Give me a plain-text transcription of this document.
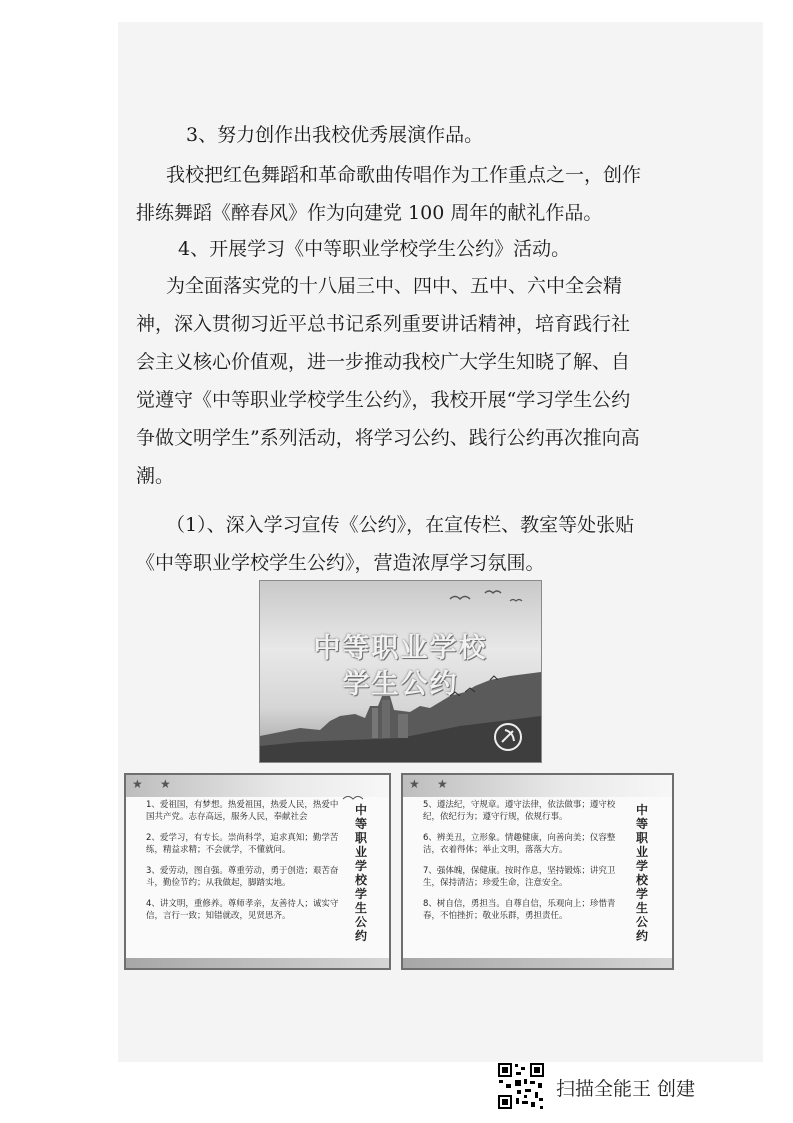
3、努力创作出我校优秀展演作品。

我校把红色舞蹈和革命歌曲传唱作为工作重点之一，创作排练舞蹈《醉春风》作为向建党 100 周年的献礼作品。

4、开展学习《中等职业学校学生公约》活动。

为全面落实党的十八届三中、四中、五中、六中全会精神，深入贯彻习近平总书记系列重要讲话精神，培育践行社会主义核心价值观，进一步推动我校广大学生知晓了解、自觉遵守《中等职业学校学生公约》，我校开展“学习学生公约争做文明学生”系列活动，将学习公约、践行公约再次推向高潮。

（1）、深入学习宣传《公约》，在宣传栏、教室等处张贴《中等职业学校学生公约》，营造浓厚学习氛围。

中等职业学校
学生公约
★ ★
1、爱祖国，有梦想。热爱祖国，热爱人民，热爱中国共产党。志存高远，服务人民，奉献社会
2、爱学习，有专长。崇尚科学，追求真知；勤学苦练，精益求精；不会就学，不懂就问。
3、爱劳动，图自强。尊重劳动，勇于创造；艰苦奋斗，勤俭节约；从我做起，脚踏实地。
4、讲文明，重修养。尊师孝亲，友善待人；诚实守信，言行一致；知错就改，见贤思齐。
中等职业学校学生公约
★ ★
5、遵法纪，守规章。遵守法律，依法做事；遵守校纪，依纪行为；遵守行规，依规行事。
6、辨美丑，立形象。情趣健康，向善向美；仪容整洁，衣着得体；举止文明，落落大方。
7、强体魄，保健康。按时作息，坚持锻炼；讲究卫生，保持清洁；珍爱生命，注意安全。
8、树自信，勇担当。自尊自信，乐观向上；珍惜青春，不怕挫折；敬业乐群，勇担责任。
中等职业学校学生公约
扫描全能王 创建
